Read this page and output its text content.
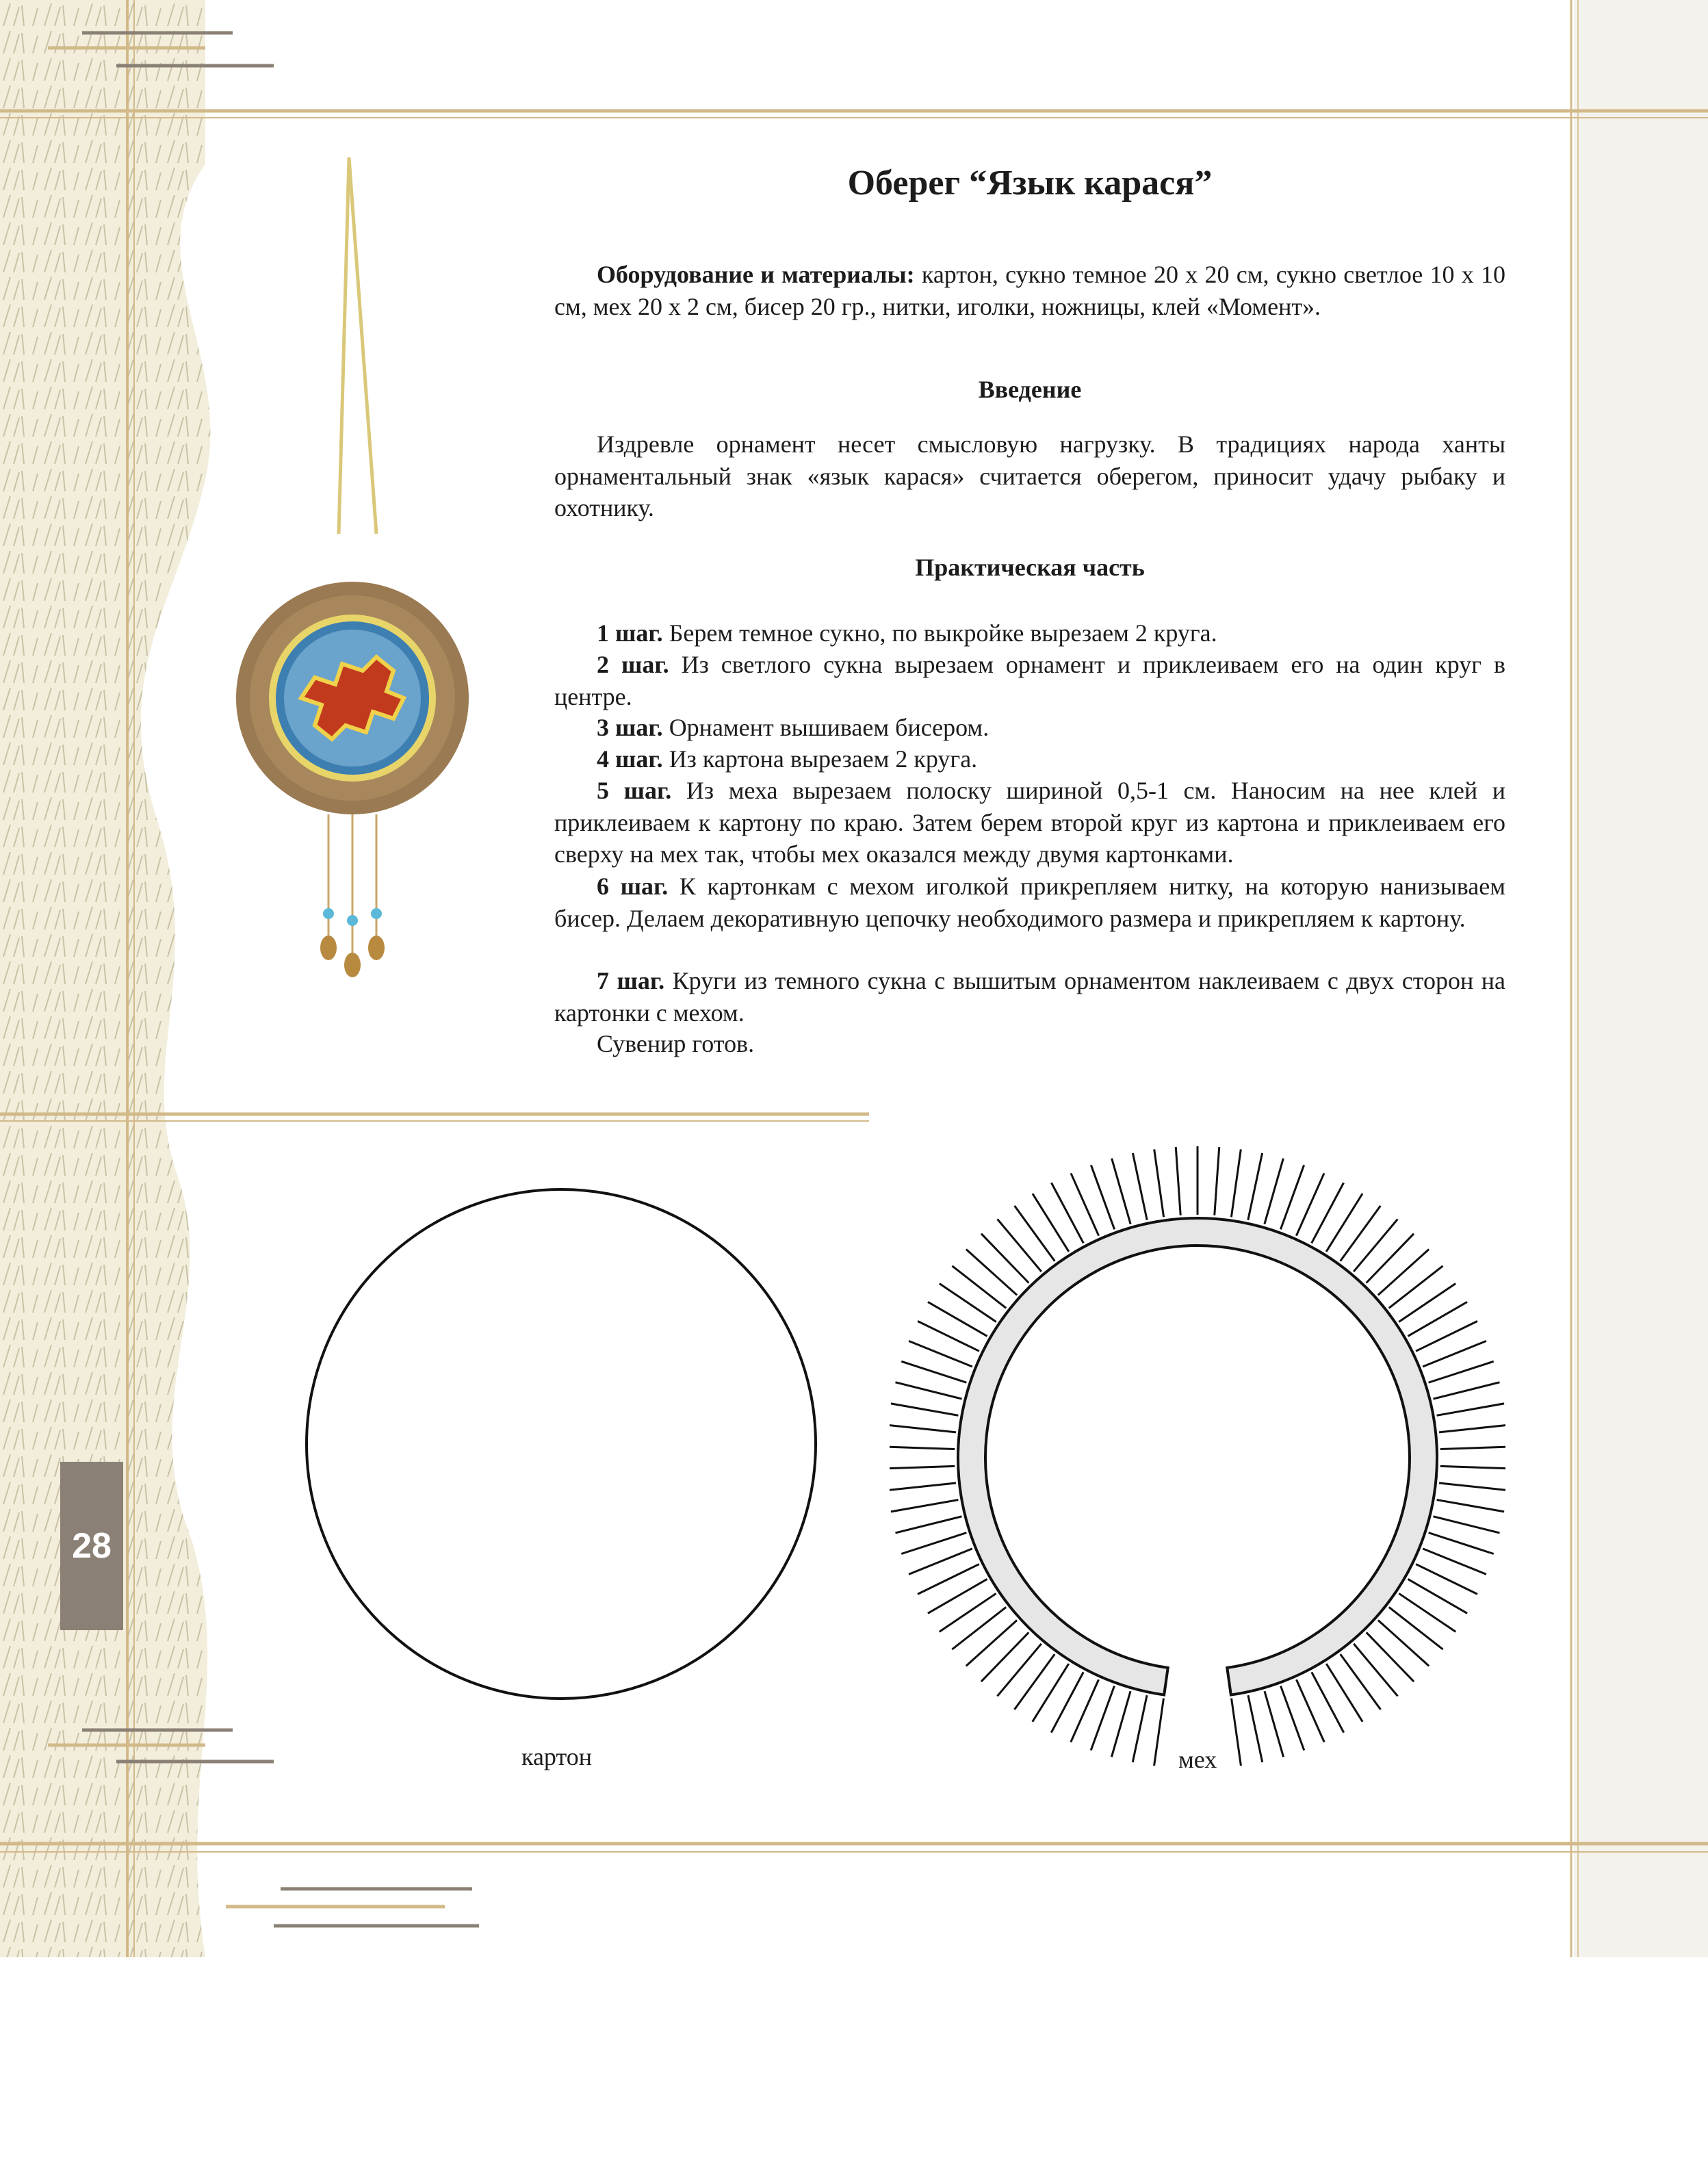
Оберег “Язык карася”

Оборудование и материалы: картон, сукно темное 20 х 20 см, сукно светлое 10 х 10 см, мех 20 х 2 см, бисер 20 гр., нитки, иголки, ножницы, клей «Момент».

Введение

Издревле орнамент несет смысловую нагрузку. В традициях народа ханты орнаментальный знак «язык карася» считается оберегом, приносит удачу рыбаку и охотнику.

Практическая часть

1 шаг. Берем темное сукно, по выкройке вырезаем 2 круга.

2 шаг. Из светлого сукна вырезаем орнамент и приклеиваем его на один круг в центре.

3 шаг. Орнамент вышиваем бисером.

4 шаг. Из картона вырезаем 2 круга.

5 шаг. Из меха вырезаем полоску шириной 0,5-1 см. Наносим на нее клей и приклеиваем к картону по краю. Затем берем второй круг из картона и приклеиваем его сверху на мех так, чтобы мех оказался между двумя картонками.

6 шаг. К картонкам с мехом иголкой прикрепляем нитку, на которую нанизываем бисер. Делаем декоративную цепочку необходимого размера и прикрепляем к картону.

7 шаг. Круги из темного сукна с вышитым орнаментом наклеиваем с двух сторон на картонки с мехом.

Сувенир готов.

картон	мех
28
